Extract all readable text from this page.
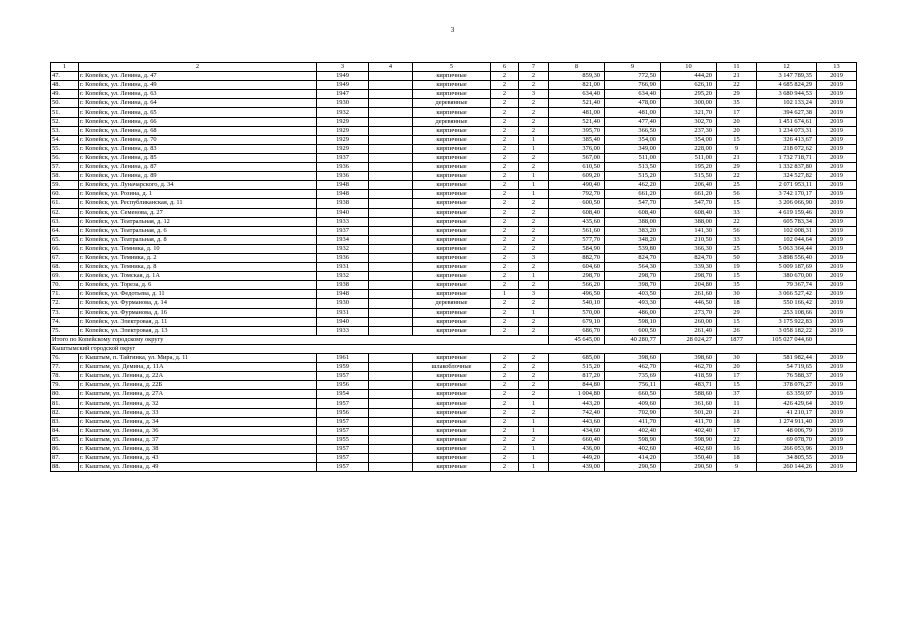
3
1	2	3	4	5	6	7	8	9	10	11	12	13
47.	г. Копейск, ул. Ленина, д. 47	1949		кирпичные	2	2	859,30	772,50	444,20	21	3 147 789,35	2019
48.	г. Копейск, ул. Ленина, д. 49	1949		кирпичные	2	2	821,00	766,90	626,10	22	4 685 824,29	2019
49.	г. Копейск, ул. Ленина, д. 63	1947		кирпичные	2	3	634,40	634,40	295,20	29	3 680 944,53	2019
50.	г. Копейск, ул. Ленина, д. 64	1930		деревянные	2	2	521,40	478,00	300,00	35	102 133,24	2019
51.	г. Копейск, ул. Ленина, д. 65	1932		кирпичные	2	2	481,00	481,00	321,70	17	394 627,38	2019
52.	г. Копейск, ул. Ленина, д. 66	1929		деревянные	2	2	521,40	477,40	302,70	20	1 451 674,61	2019
53.	г. Копейск, ул. Ленина, д. 68	1929		кирпичные	2	2	395,70	366,50	237,30	20	1 234 073,31	2019
54.	г. Копейск, ул. Ленина, д. 70	1929		кирпичные	2	1	385,40	354,00	354,00	15	326 413,67	2019
55.	г. Копейск, ул. Ленина, д. 83	1929		кирпичные	2	1	376,00	349,00	228,00	9	218 072,62	2019
56.	г. Копейск, ул. Ленина, д. 85	1937		кирпичные	2	2	567,00	511,00	511,00	21	1 732 718,71	2019
57.	г. Копейск, ул. Ленина, д. 87	1936		кирпичные	2	2	610,50	513,50	195,20	29	1 332 837,80	2019
58.	г. Копейск, ул. Ленина, д. 89	1936		кирпичные	2	1	609,20	515,20	515,50	22	324 527,82	2019
59.	г. Копейск, ул. Луначарского, д. 34	1948		кирпичные	2	1	490,40	462,20	206,40	25	2 071 953,11	2019
60.	г. Копейск, ул. Розина, д. 1	1948		кирпичные	2	1	792,70	661,20	661,20	56	3 742 170,17	2019
61.	г. Копейск, ул. Республиканская, д. 11	1938		кирпичные	2	2	600,50	547,70	547,70	15	3 206 066,90	2019
62.	г. Копейск, ул. Семенова, д. 27	1940		кирпичные	2	2	608,40	608,40	608,40	33	4 619 159,46	2019
63.	г. Копейск, ул. Театральная, д. 12	1933		кирпичные	2	2	435,60	388,00	388,00	22	605 783,34	2019
64.	г. Копейск, ул. Театральная, д. 6	1937		кирпичные	2	2	561,60	383,20	141,30	56	102 008,31	2019
65.	г. Копейск, ул. Театральная, д. 8	1934		кирпичные	2	2	577,70	348,20	210,50	33	102 044,64	2019
66.	г. Копейск, ул. Темника, д. 10	1932		кирпичные	2	2	584,90	539,80	366,30	25	5 063 364,44	2019
67.	г. Копейск, ул. Темника, д. 2	1936		кирпичные	2	3	882,70	824,70	824,70	50	3 898 556,40	2019
68.	г. Копейск, ул. Темника, д. 8	1931		кирпичные	2	2	604,60	564,30	339,30	19	5 009 187,69	2019
69.	г. Копейск, ул. Томская, д. 1А	1932		кирпичные	2	1	298,70	298,70	298,70	15	380 670,00	2019
70.	г. Копейск, ул. Тореза, д. 6	1938		кирпичные	2	2	566,20	398,70	204,80	35	79 367,74	2019
71.	г. Копейск, ул. Федотьева, д. 11	1948		кирпичные	1	3	496,50	403,50	261,60	30	3 066 527,42	2019
72.	г. Копейск, ул. Фурманова, д. 14	1930		деревянные	2	2	540,10	493,30	446,50	18	550 166,42	2019
73.	г. Копейск, ул. Фурманова, д. 16	1931		кирпичные	2	1	570,00	486,00	273,70	29	253 108,66	2019
74.	г. Копейск, ул. Электровая, д. 11	1940		кирпичные	2	2	679,10	598,10	260,00	15	3 175 922,83	2019
75.	г. Копейск, ул. Электровая, д. 13	1933		кирпичные	2	2	686,70	600,50	261,40	26	3 058 182,22	2019
Итого по Копейскому городскому округу							45 645,00	40 280,77	28 024,27	1877	105 027 044,60	
Кыштымский городской округ												
76.	г. Кыштым, п. Тайгинка, ул. Мира, д. 11	1961		кирпичные	2	2	685,00	398,60	398,60	30	581 982,44	2019
77.	г. Кыштым, ул. Демина, д. 11А	1959		шлакоблочные	2	2	515,20	462,70	462,70	20	54 719,65	2019
78.	г. Кыштым, ул. Ленина, д. 22А	1957		кирпичные	2	2	817,20	735,69	418,59	17	76 588,37	2019
79.	г. Кыштым, ул. Ленина, д. 22Б	1956		кирпичные	2	2	844,80	756,11	483,71	15	378 076,27	2019
80.	г. Кыштым, ул. Ленина, д. 27А	1954		кирпичные	2	2	1 004,80	660,50	588,60	37	63 359,97	2019
81.	г. Кыштым, ул. Ленина, д. 32	1957		кирпичные	2	1	443,20	409,60	361,60	11	426 429,64	2019
82.	г. Кыштым, ул. Ленина, д. 33	1956		кирпичные	2	2	742,40	702,90	501,20	21	41 210,17	2019
83.	г. Кыштым, ул. Ленина, д. 34	1957		кирпичные	2	1	443,60	411,70	411,70	18	1 274 911,40	2019
84.	г. Кыштым, ул. Ленина, д. 36	1957		кирпичные	2	1	434,60	402,40	402,40	17	48 006,79	2019
85.	г. Кыштым, ул. Ленина, д. 37	1955		кирпичные	2	2	660,40	598,90	598,90	22	69 078,70	2019
86.	г. Кыштым, ул. Ленина, д. 38	1957		кирпичные	2	1	436,00	402,60	402,60	16	266 053,96	2019
87.	г. Кыштым, ул. Ленина, д. 43	1957		кирпичные	2	1	449,20	414,20	350,40	18	34 805,55	2019
88.	г. Кыштым, ул. Ленина, д. 49	1957		кирпичные	2	1	439,00	290,50	290,50	9	260 144,26	2019
